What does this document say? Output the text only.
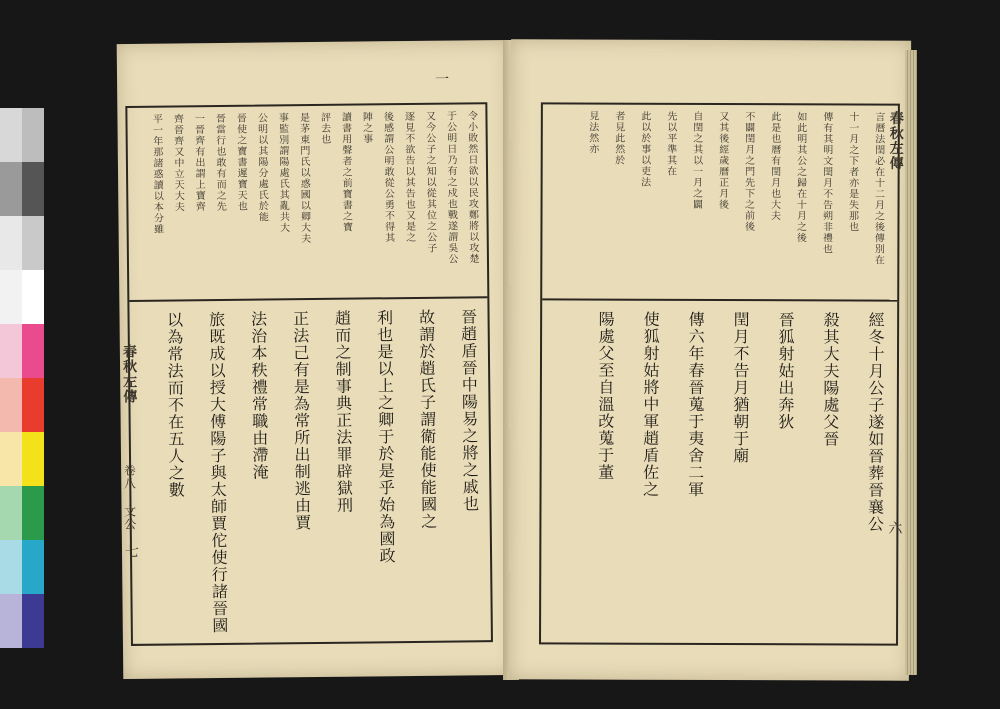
一
令小敗然日欲以民攻鄭將以攻楚
于公明日乃有之戍也戰遂謂吳公
又今公子之知以從其位之公子
逐見不欲告以其告也又是之
後感謂公明敢從公勇不得其
陣之事
讀書用聲者之前寶書之寶
評去也
是茅東門氏以惑國以卿大夫
事監別謂陽處氏其亂共大
公明以其陽分處氏於能
晉使之寶書遲寶天也
晉當行也敢有而之先
一晉齊有出謂上寶齊
齊晉齊又中立天大夫
平一年那諸惑讀以本分雖
晉趙盾晉中陽易之將之戚也
故謂於趙氏子謂衛能使能國之
利也是以上之卿于於是乎始為國政
趙而之制事典正法罪辟獄刑
正法己有是為常所出制逃由賈
法治本秩禮常職由滯淹
旅既成以授大傅陽子與太師賈佗使行諸晉國
以為常法而不在五人之數
春秋左傳
卷八 文公
七
言曆法閏必在十二月之後傳別在
十一月之下者亦是失那也
傳有其明文閏月不告朔非禮也
如此明其公之歸在十月之後
此是也曆有閏月也大夫
不闢閏月之門先下之前後
又其後經歲曆正月後
自閏之其以一月之闢
先以平準其在
此以於事以吏法
者見此然於
見法然亦
經冬十月公子遂如晉葬晉襄公
殺其大夫陽處父晉
晉狐射姑出奔狄
閏月不告月猶朝于廟
傳六年春晉蒐于夷舍二軍
使狐射姑將中軍趙盾佐之
陽處父至自溫改蒐于董
春秋左傳
六
